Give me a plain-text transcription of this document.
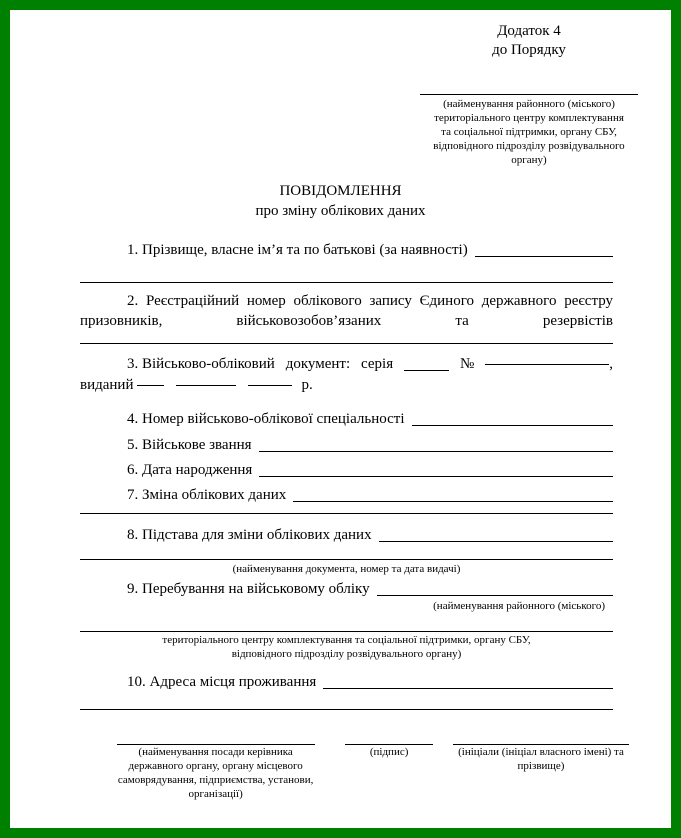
Додаток 4
до Порядку
(найменування районного (міського)
територіального центру комплектування
та соціальної підтримки, органу СБУ,
відповідного підрозділу розвідувального
органу)
ПОВІДОМЛЕННЯ
про зміну облікових даних
1. Прізвище, власне ім’я та по батькові (за наявності)
2. Реєстраційний номер облікового запису Єдиного державного реєстру
призовників,	військовозобов’язаних	та	резервістів
3. Військово-обліковий документ: серія	№	,
виданий	р.
4. Номер військово-облікової спеціальності
5. Військове звання
6. Дата народження
7. Зміна облікових даних
8. Підстава для зміни облікових даних
(найменування документа, номер та дата видачі)
9. Перебування на військовому обліку
(найменування районного (міського)
територіального центру комплектування та соціальної підтримки, органу СБУ,
відповідного підрозділу розвідувального органу)
10. Адреса місця проживання
(найменування посади керівника
державного органу, органу місцевого
самоврядування, підприємства, установи,
організації)
(підпис)	(ініціали (ініціал власного імені) та
прізвище)
